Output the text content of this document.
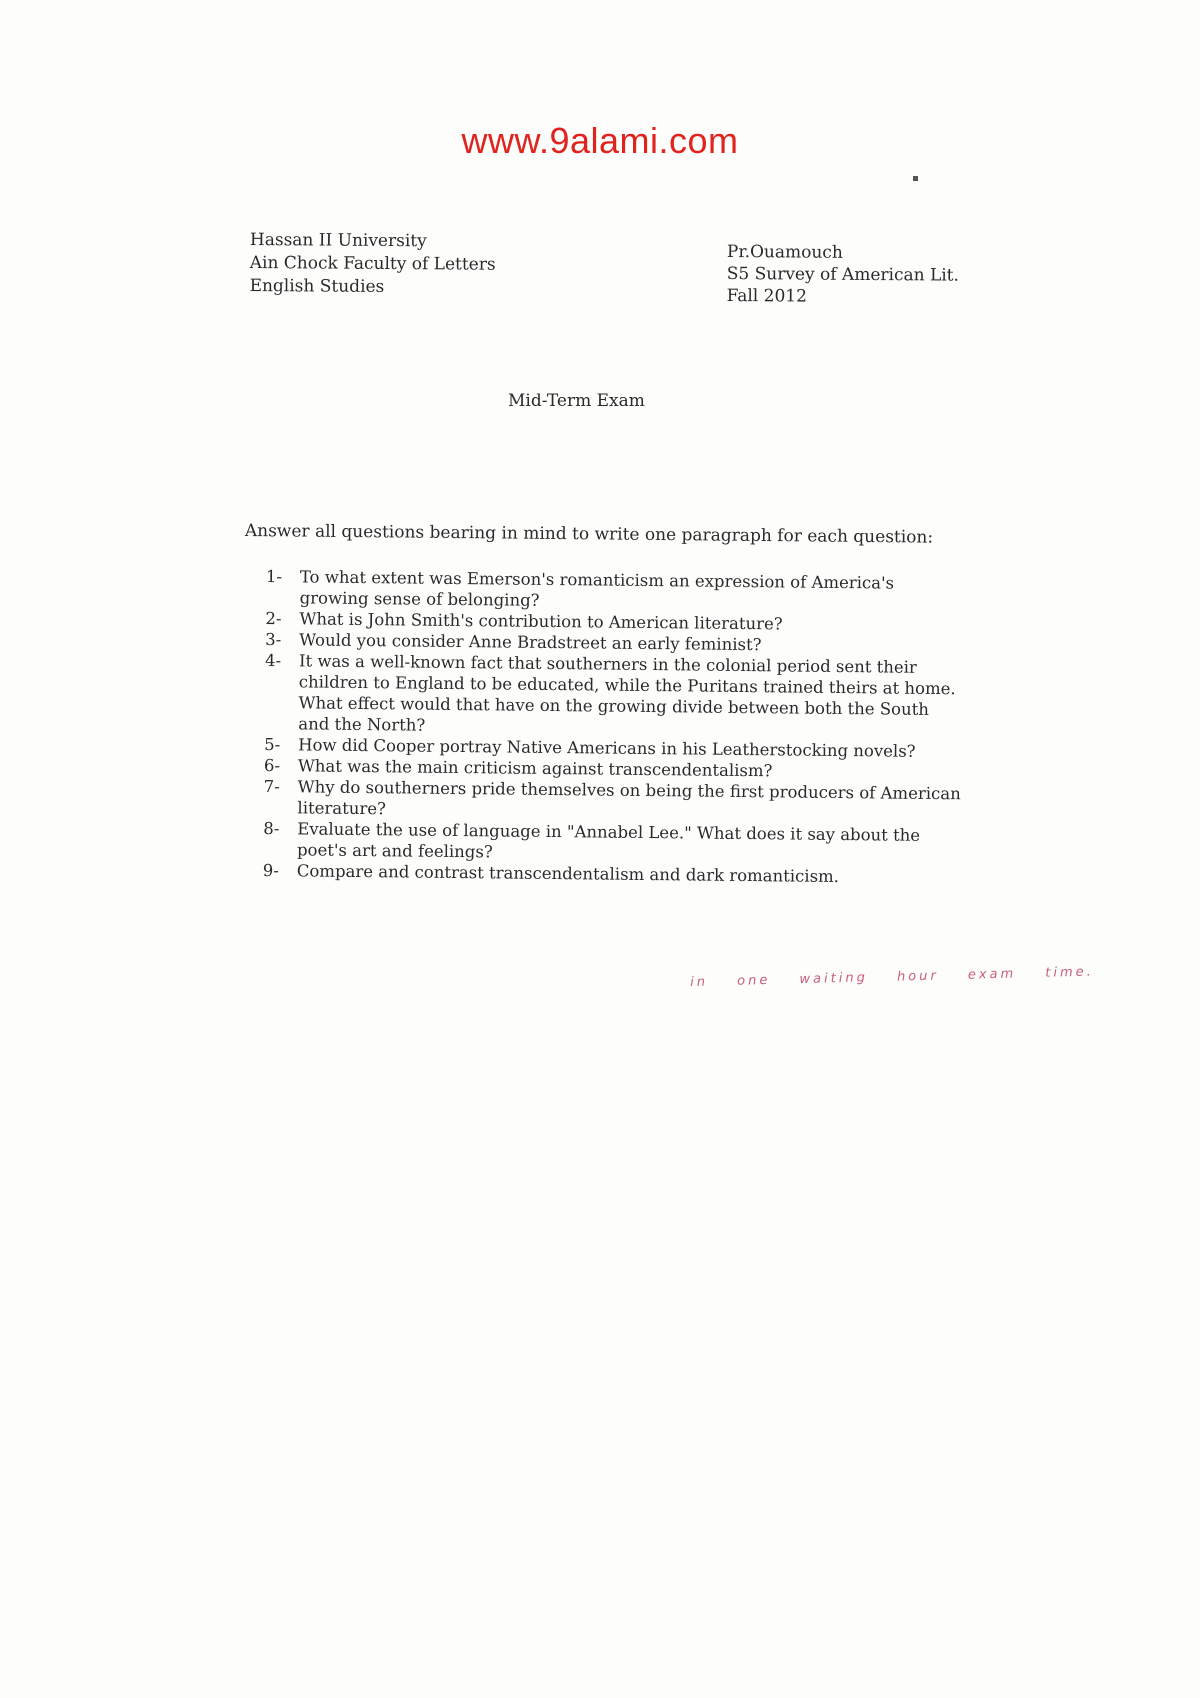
www.9alami.com
Hassan II University
Ain Chock Faculty of Letters
English Studies
Pr.Ouamouch
S5 Survey of American Lit.
Fall 2012
Mid-Term Exam
Answer all questions bearing in mind to write one paragraph for each question:
1-	To what extent was Emerson's romanticism an expression of America's growing sense of belonging?
2-	What is John Smith's contribution to American literature?
3-	Would you consider Anne Bradstreet an early feminist?
4-	It was a well-known fact that southerners in the colonial period sent their children to England to be educated, while the Puritans trained theirs at home. What effect would that have on the growing divide between both the South and the North?
5-	How did Cooper portray Native Americans in his Leatherstocking novels?
6-	What was the main criticism against transcendentalism?
7-	Why do southerners pride themselves on being the first producers of American literature?
8-	Evaluate the use of language in "Annabel Lee." What does it say about the poet's art and feelings?
9-	Compare and contrast transcendentalism and dark romanticism.
in one waiting hour exam time.
